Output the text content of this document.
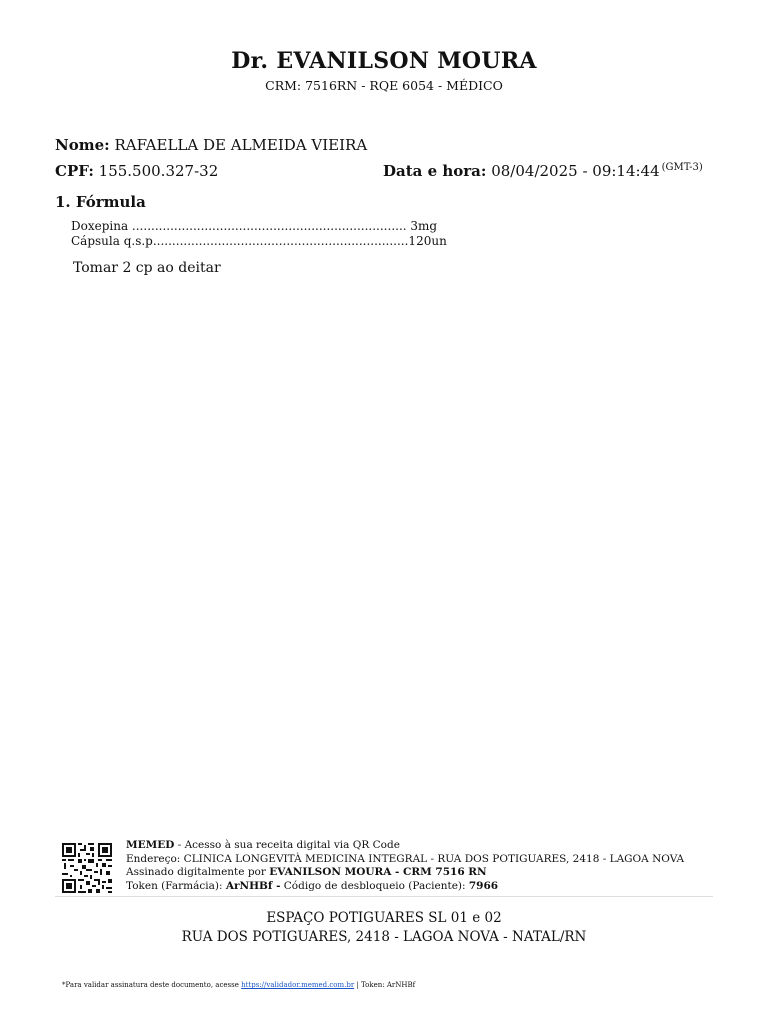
Dr. EVANILSON MOURA
CRM: 7516RN - RQE 6054 - MÉDICO
Nome: RAFAELLA DE ALMEIDA VIEIRA
CPF: 155.500.327-32	Data e hora: 08/04/2025 - 09:14:44 $^{(GMT-3)}$
1. Fórmula
Doxepina ........................................................................ 3mg
Cápsula q.s.p...................................................................120un
Tomar 2 cp ao deitar
MEMED - Acesso à sua receita digital via QR Code
Endereço: CLINICA LONGEVITÀ MEDICINA INTEGRAL - RUA DOS POTIGUARES, 2418 - LAGOA NOVA
Assinado digitalmente por EVANILSON MOURA - CRM 7516 RN
Token (Farmácia): ArNHBf - Código de desbloqueio (Paciente): 7966
ESPAÇO POTIGUARES SL 01 e 02
RUA DOS POTIGUARES, 2418 - LAGOA NOVA - NATAL/RN
*Para validar assinatura deste documento, acesse https://validador.memed.com.br | Token: ArNHBf
